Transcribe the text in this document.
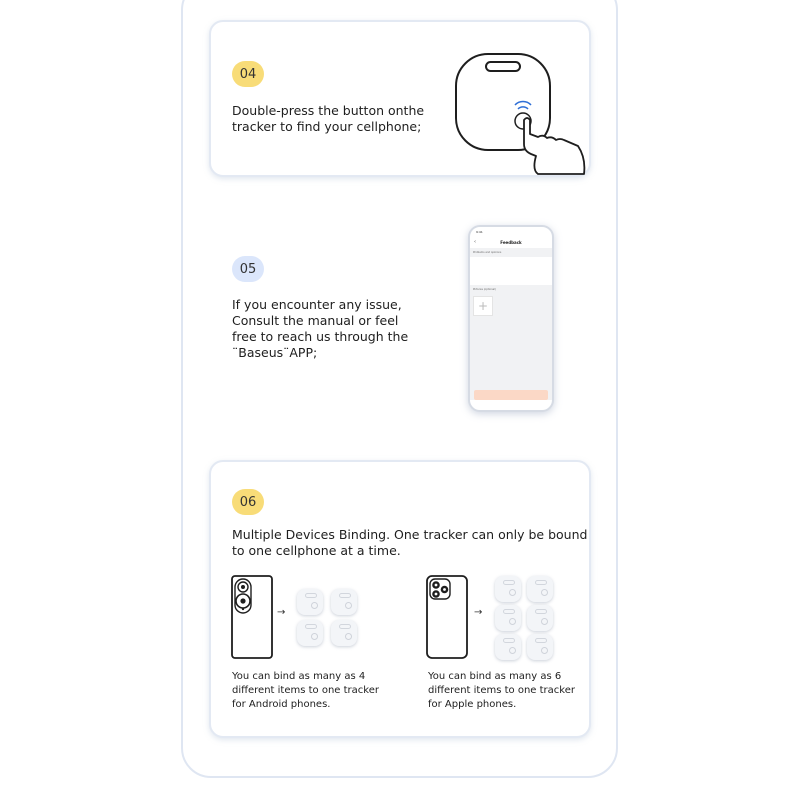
04
Double-press the button onthe
tracker to find your cellphone;
05
If you encounter any issue,
Consult the manual or feel
free to reach us through the
¨Baseus¨APP;
9:41
‹	Feedback
Problems and opinions
Pictures (optional)
+
06
Multiple Devices Binding. One tracker can only be bound
to one cellphone at a time.
→
You can bind as many as 4
different items to one tracker
for Android phones.
→
You can bind as many as 6
different items to one tracker
for Apple phones.
